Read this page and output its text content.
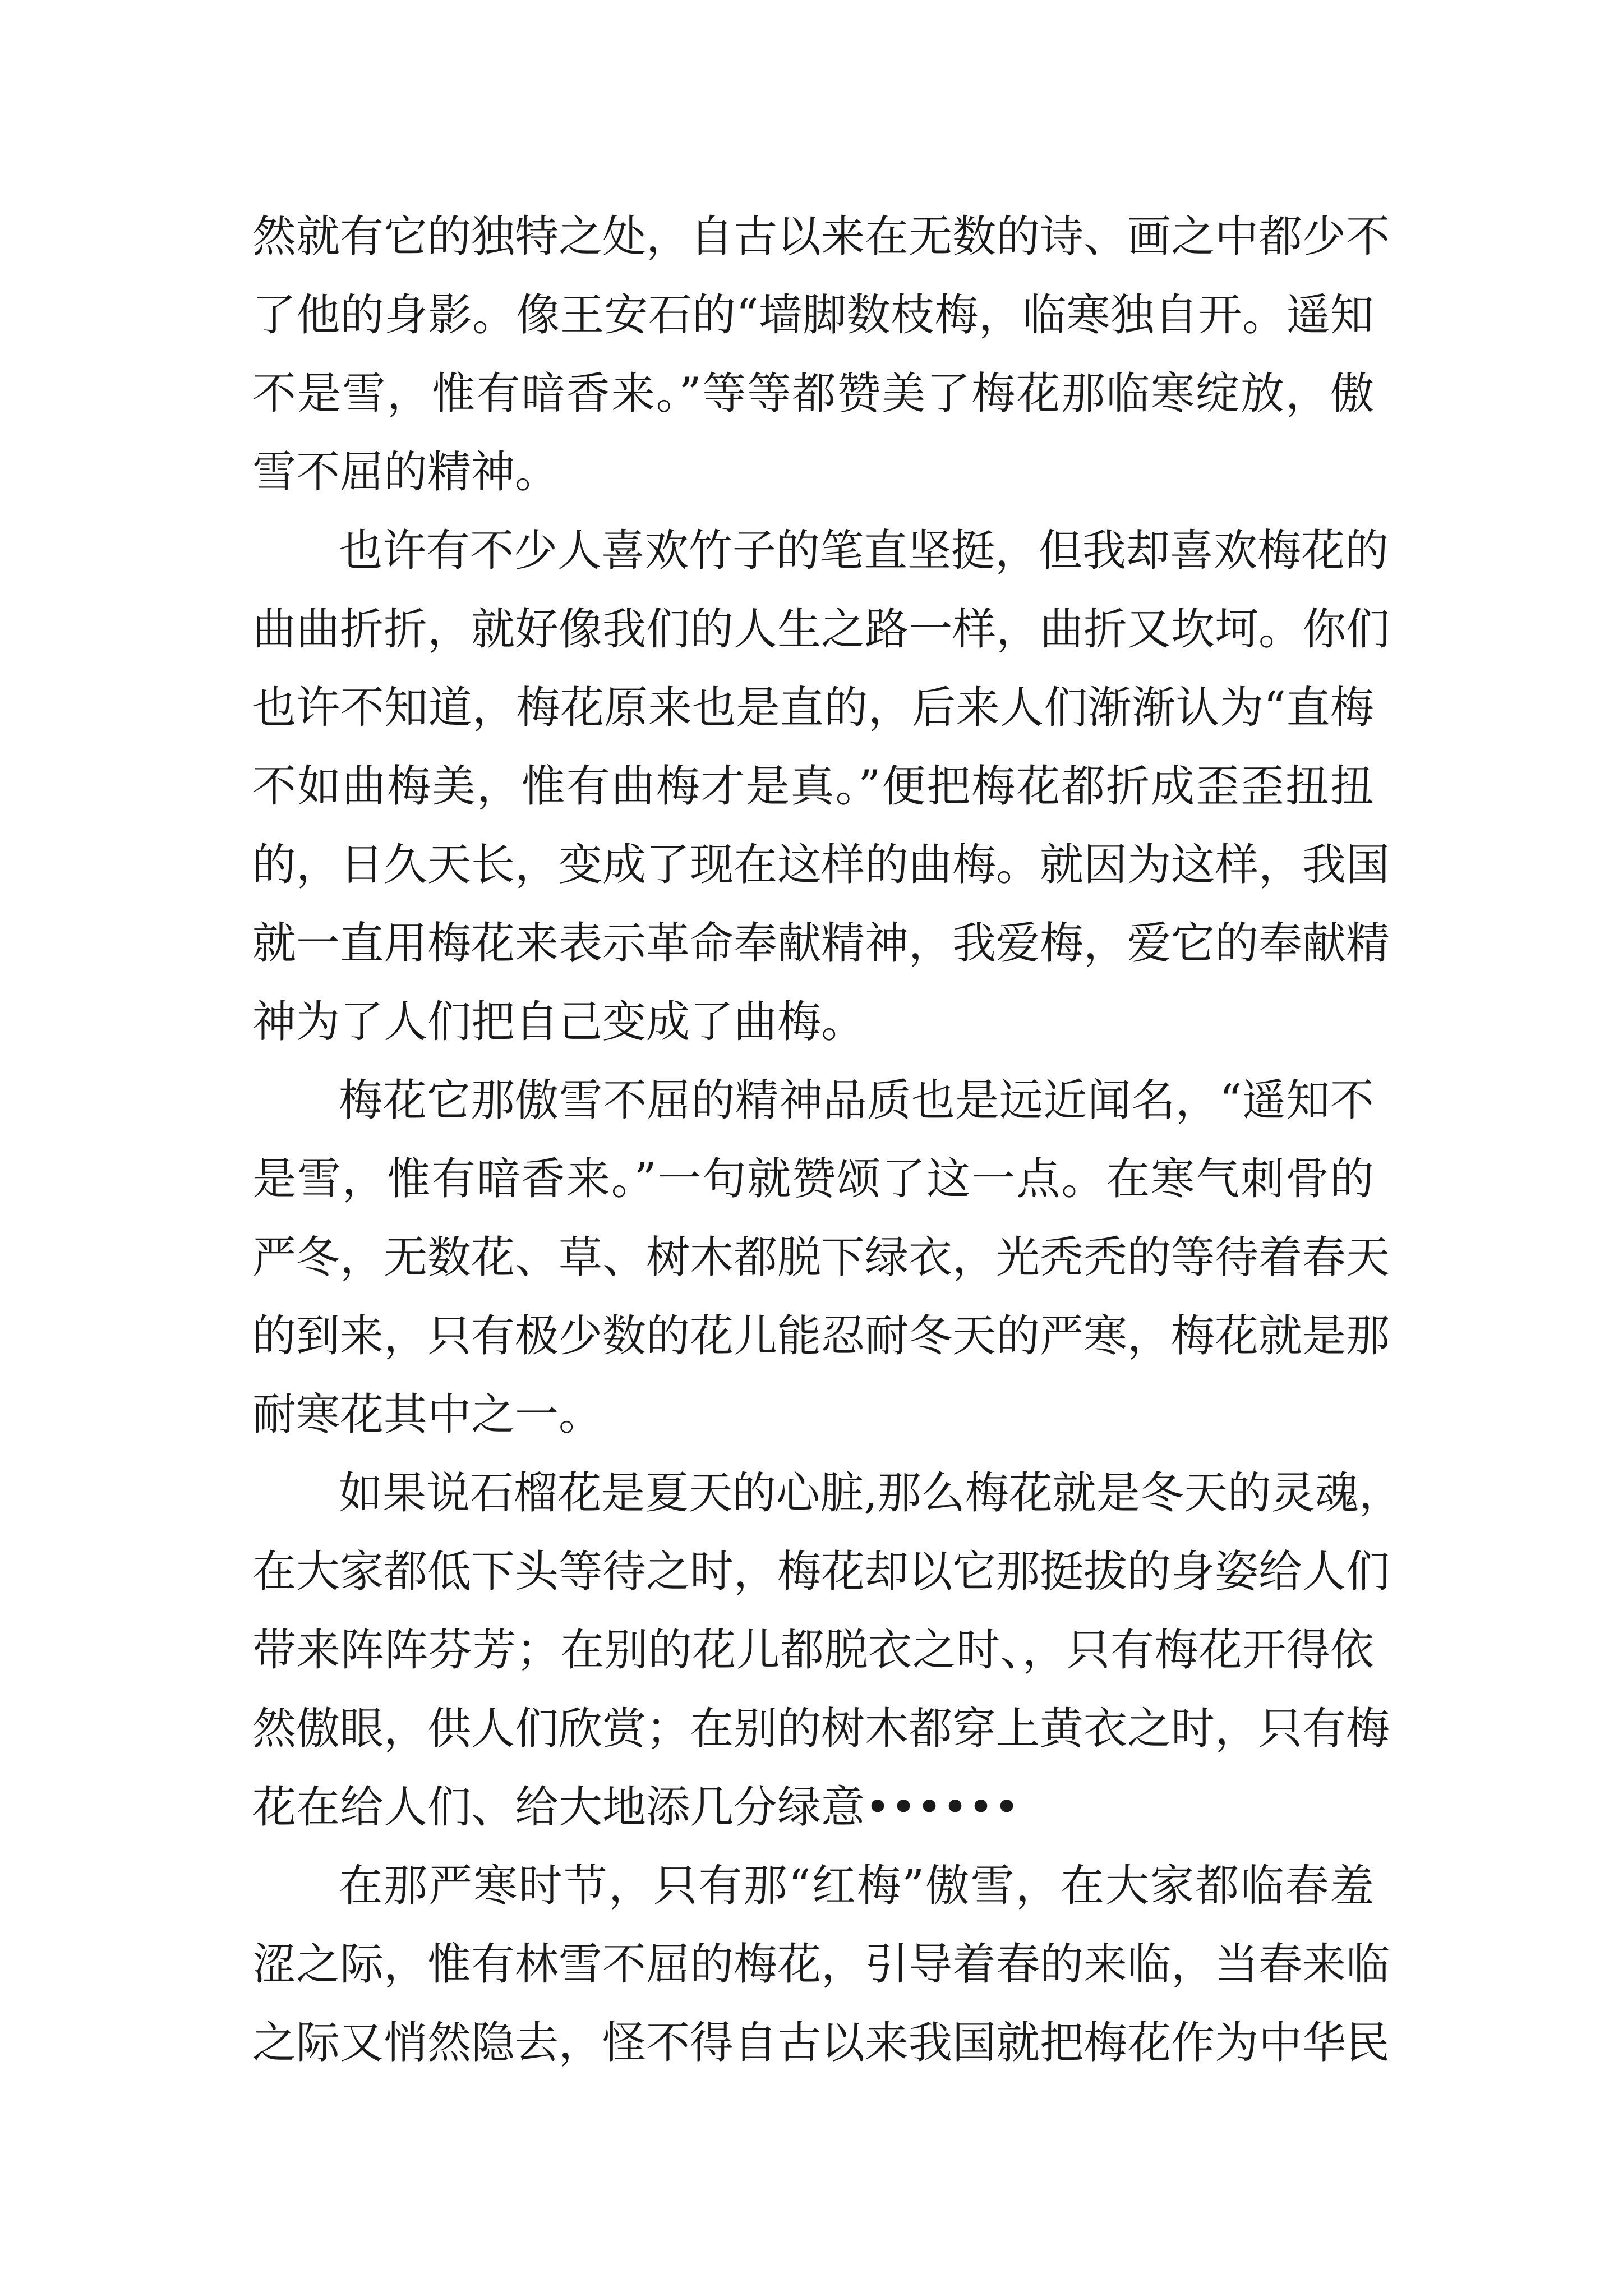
然就有它的独特之处，自古以来在无数的诗、画之中都少不

了他的身影。像王安石的“墙脚数枝梅，临寒独自开。遥知

不是雪，惟有暗香来。”等等都赞美了梅花那临寒绽放，傲

雪不屈的精神。

也许有不少人喜欢竹子的笔直坚挺，但我却喜欢梅花的

曲曲折折，就好像我们的人生之路一样，曲折又坎坷。你们

也许不知道，梅花原来也是直的，后来人们渐渐认为“直梅

不如曲梅美，惟有曲梅才是真。”便把梅花都折成歪歪扭扭

的，日久天长，变成了现在这样的曲梅。就因为这样，我国

就一直用梅花来表示革命奉献精神，我爱梅，爱它的奉献精

神为了人们把自己变成了曲梅。

梅花它那傲雪不屈的精神品质也是远近闻名，“遥知不

是雪，惟有暗香来。”一句就赞颂了这一点。在寒气刺骨的

严冬，无数花、草、树木都脱下绿衣，光秃秃的等待着春天

的到来，只有极少数的花儿能忍耐冬天的严寒，梅花就是那

耐寒花其中之一。

如果说石榴花是夏天的心脏,那么梅花就是冬天的灵魂，

在大家都低下头等待之时，梅花却以它那挺拔的身姿给人们

带来阵阵芬芳；在别的花儿都脱衣之时、，只有梅花开得依

然傲眼，供人们欣赏；在别的树木都穿上黄衣之时，只有梅

花在给人们、给大地添几分绿意••••••

在那严寒时节，只有那“红梅”傲雪，在大家都临春羞

涩之际，惟有林雪不屈的梅花，引导着春的来临，当春来临

之际又悄然隐去，怪不得自古以来我国就把梅花作为中华民
